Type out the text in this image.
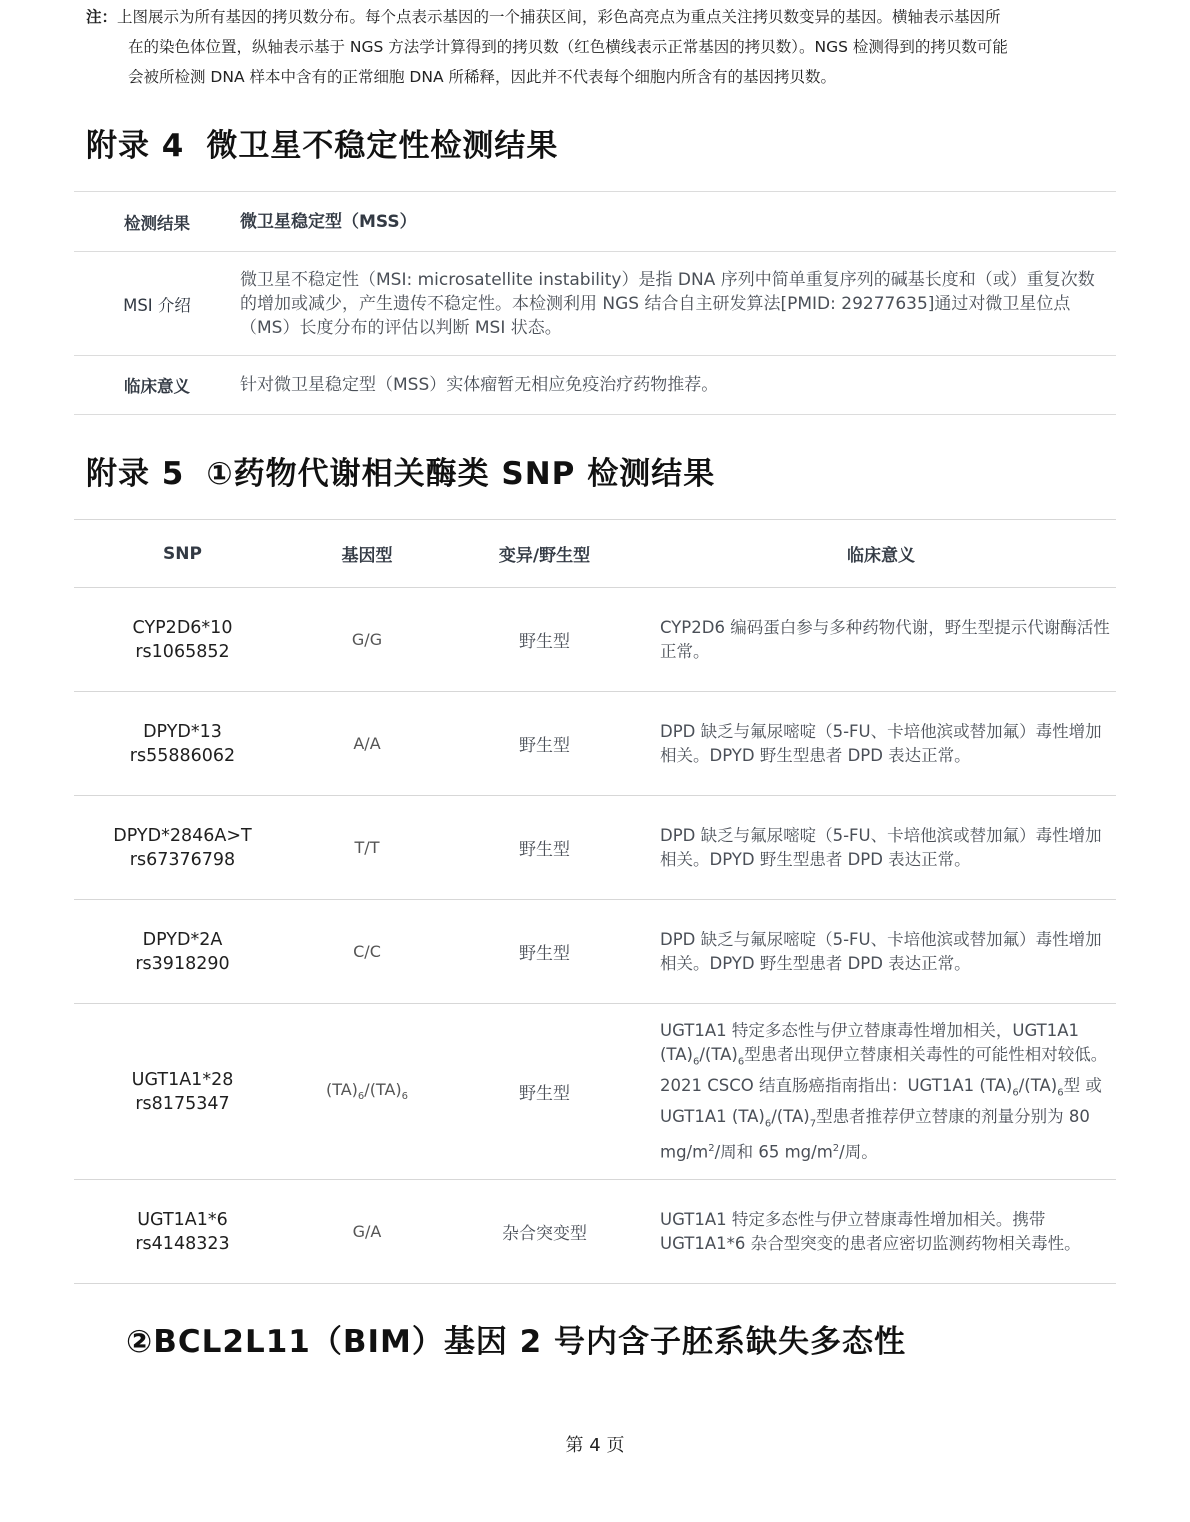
注：上图展示为所有基因的拷贝数分布。每个点表示基因的一个捕获区间，彩色高亮点为重点关注拷贝数变异的基因。横轴表示基因所
在的染色体位置，纵轴表示基于 NGS 方法学计算得到的拷贝数（红色横线表示正常基因的拷贝数）。NGS 检测得到的拷贝数可能
会被所检测 DNA 样本中含有的正常细胞 DNA 所稀释，因此并不代表每个细胞内所含有的基因拷贝数。
附录 4 微卫星不稳定性检测结果
检测结果	微卫星稳定型（MSS）
MSI 介绍	微卫星不稳定性（MSI: microsatellite instability）是指 DNA 序列中简单重复序列的碱基长度和（或）重复次数的增加或减少，产生遗传不稳定性。本检测利用 NGS 结合自主研发算法[PMID: 29277635]通过对微卫星位点（MS）长度分布的评估以判断 MSI 状态。
临床意义	针对微卫星稳定型（MSS）实体瘤暂无相应免疫治疗药物推荐。
附录 5 ①药物代谢相关酶类 SNP 检测结果
SNP	基因型	变异/野生型	临床意义

CYP2D6*10
rs1065852	G/G	野生型	CYP2D6 编码蛋白参与多种药物代谢，野生型提示代谢酶活性正常。

DPYD*13
rs55886062	A/A	野生型	DPD 缺乏与氟尿嘧啶（5-FU、卡培他滨或替加氟）毒性增加相关。DPYD 野生型患者 DPD 表达正常。

DPYD*2846A>T
rs67376798	T/T	野生型	DPD 缺乏与氟尿嘧啶（5-FU、卡培他滨或替加氟）毒性增加相关。DPYD 野生型患者 DPD 表达正常。

DPYD*2A
rs3918290	C/C	野生型	DPD 缺乏与氟尿嘧啶（5-FU、卡培他滨或替加氟）毒性增加相关。DPYD 野生型患者 DPD 表达正常。

UGT1A1*28
rs8175347	$(TA)_6/(TA)_6$	野生型	UGT1A1 特定多态性与伊立替康毒性增加相关，UGT1A1 $(TA)_6/(TA)_6$型患者出现伊立替康相关毒性的可能性相对较低。2021 CSCO 结直肠癌指南指出：UGT1A1 $(TA)_6/(TA)_6$型 或 UGT1A1 $(TA)_6/(TA)_7$型患者推荐伊立替康的剂量分别为 80 $mg/m^2/$周和 65 $mg/m^2/$周。

UGT1A1*6
rs4148323	G/A	杂合突变型	UGT1A1 特定多态性与伊立替康毒性增加相关。携带 UGT1A1*6 杂合型突变的患者应密切监测药物相关毒性。
②BCL2L11（BIM）基因 2 号内含子胚系缺失多态性
第 4 页
